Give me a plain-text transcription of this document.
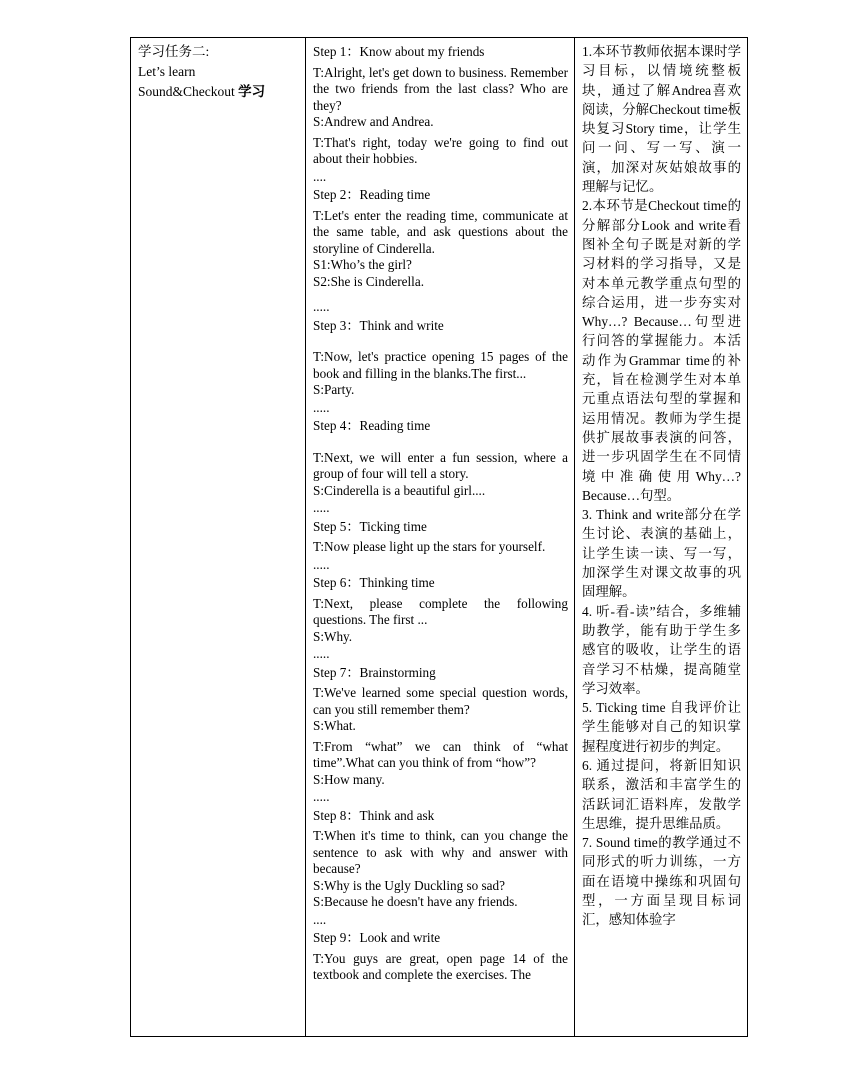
学习任务二:
Let’s learn
Sound&Checkout 学习

Step 1：Know about my friends
T:Alright, let's get down to business. Remember the two friends from the last class? Who are they?
S:Andrew and Andrea.
T:That's right, today we're going to find out about their hobbies.
....
Step 2：Reading time
T:Let's enter the reading time, communicate at the same table, and ask questions about the storyline of Cinderella.
S1:Who’s the girl?
S2:She is Cinderella.
.....
Step 3：Think and write
T:Now, let's practice opening 15 pages of the book and filling in the blanks.The first...
S:Party.
.....
Step 4：Reading time
T:Next, we will enter a fun session, where a group of four will tell a story.
S:Cinderella is a beautiful girl....
.....
Step 5：Ticking time
T:Now please light up the stars for yourself.
.....
Step 6：Thinking time
T:Next, please complete the following questions. The first ...
S:Why.
.....
Step 7：Brainstorming
T:We've learned some special question words, can you still remember them?
S:What.
T:From “what” we can think of “what time”.What can you think of from “how”?
S:How many.
.....
Step 8：Think and ask
T:When it's time to think, can you change the sentence to ask with why and answer with because?
S:Why is the Ugly Duckling so sad?
S:Because he doesn't have any friends.
....
Step 9：Look and write
T:You guys are great, open page 14 of the textbook and complete the exercises. The

1.本环节教师依据本课时学习目标，以情境统整板块，通过了解Andrea喜欢阅读，分解Checkout time板块复习Story time，让学生问一问、写一写、演一演，加深对灰姑娘故事的理解与记忆。
2.本环节是Checkout time的分解部分Look and write看图补全句子既是对新的学习材料的学习指导，又是对本单元教学重点句型的综合运用，进一步夯实对Why…? Because…句型进行问答的掌握能力。本活动作为Grammar time的补充，旨在检测学生对本单元重点语法句型的掌握和运用情况。教师为学生提供扩展故事表演的问答，进一步巩固学生在不同情境中准确使用Why…? Because…句型。
3. Think and write部分在学生讨论、表演的基础上，让学生读一读、写一写，加深学生对课文故事的巩固理解。
4. 听-看-读”结合，多维辅助教学，能有助于学生多感官的吸收，让学生的语音学习不枯燥，提高随堂学习效率。
5. Ticking time 自我评价让学生能够对自己的知识掌握程度进行初步的判定。
6. 通过提问，将新旧知识联系，激活和丰富学生的活跃词汇语料库，发散学生思维，提升思维品质。
7. Sound time的教学通过不同形式的听力训练，一方面在语境中操练和巩固句型，一方面呈现目标词汇，感知体验字
